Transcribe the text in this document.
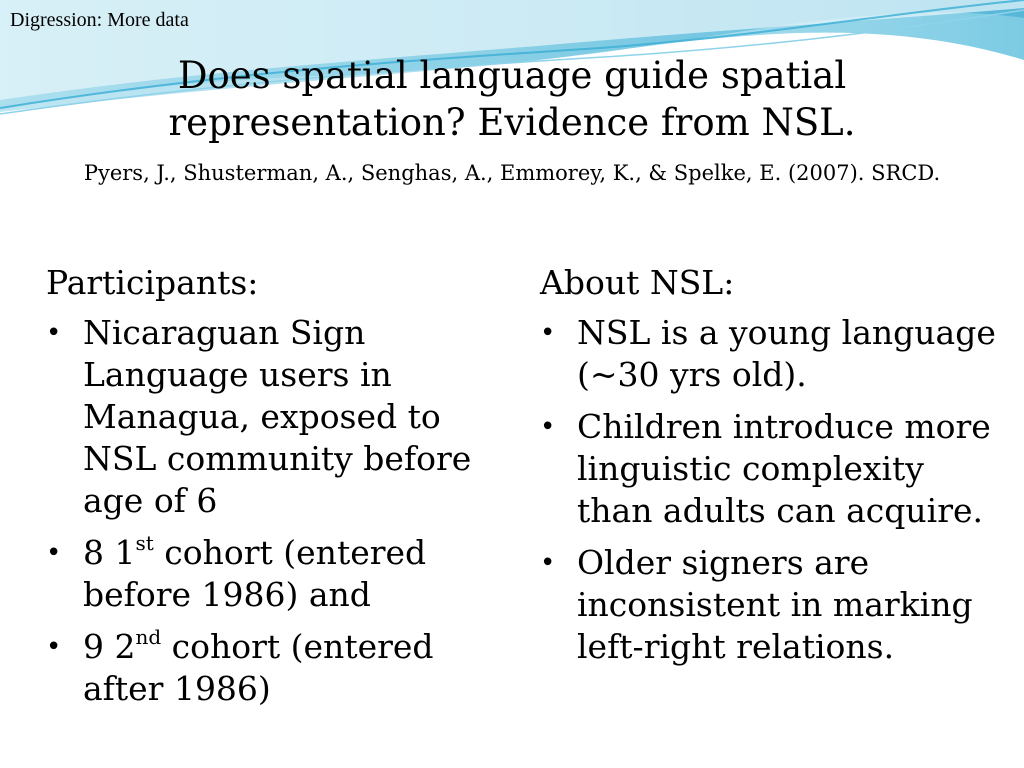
Digression: More data
Does spatial language guide spatial
representation? Evidence from NSL.
Pyers, J., Shusterman, A., Senghas, A., Emmorey, K., & Spelke, E. (2007). SRCD.
Participants:
• Nicaraguan Sign Language users in Managua, exposed to NSL community before age of 6
• 8 1st cohort (entered before 1986) and
• 9 2nd cohort (entered after 1986)
About NSL:
• NSL is a young language (~30 yrs old).
• Children introduce more linguistic complexity than adults can acquire.
• Older signers are inconsistent in marking left-right relations.
